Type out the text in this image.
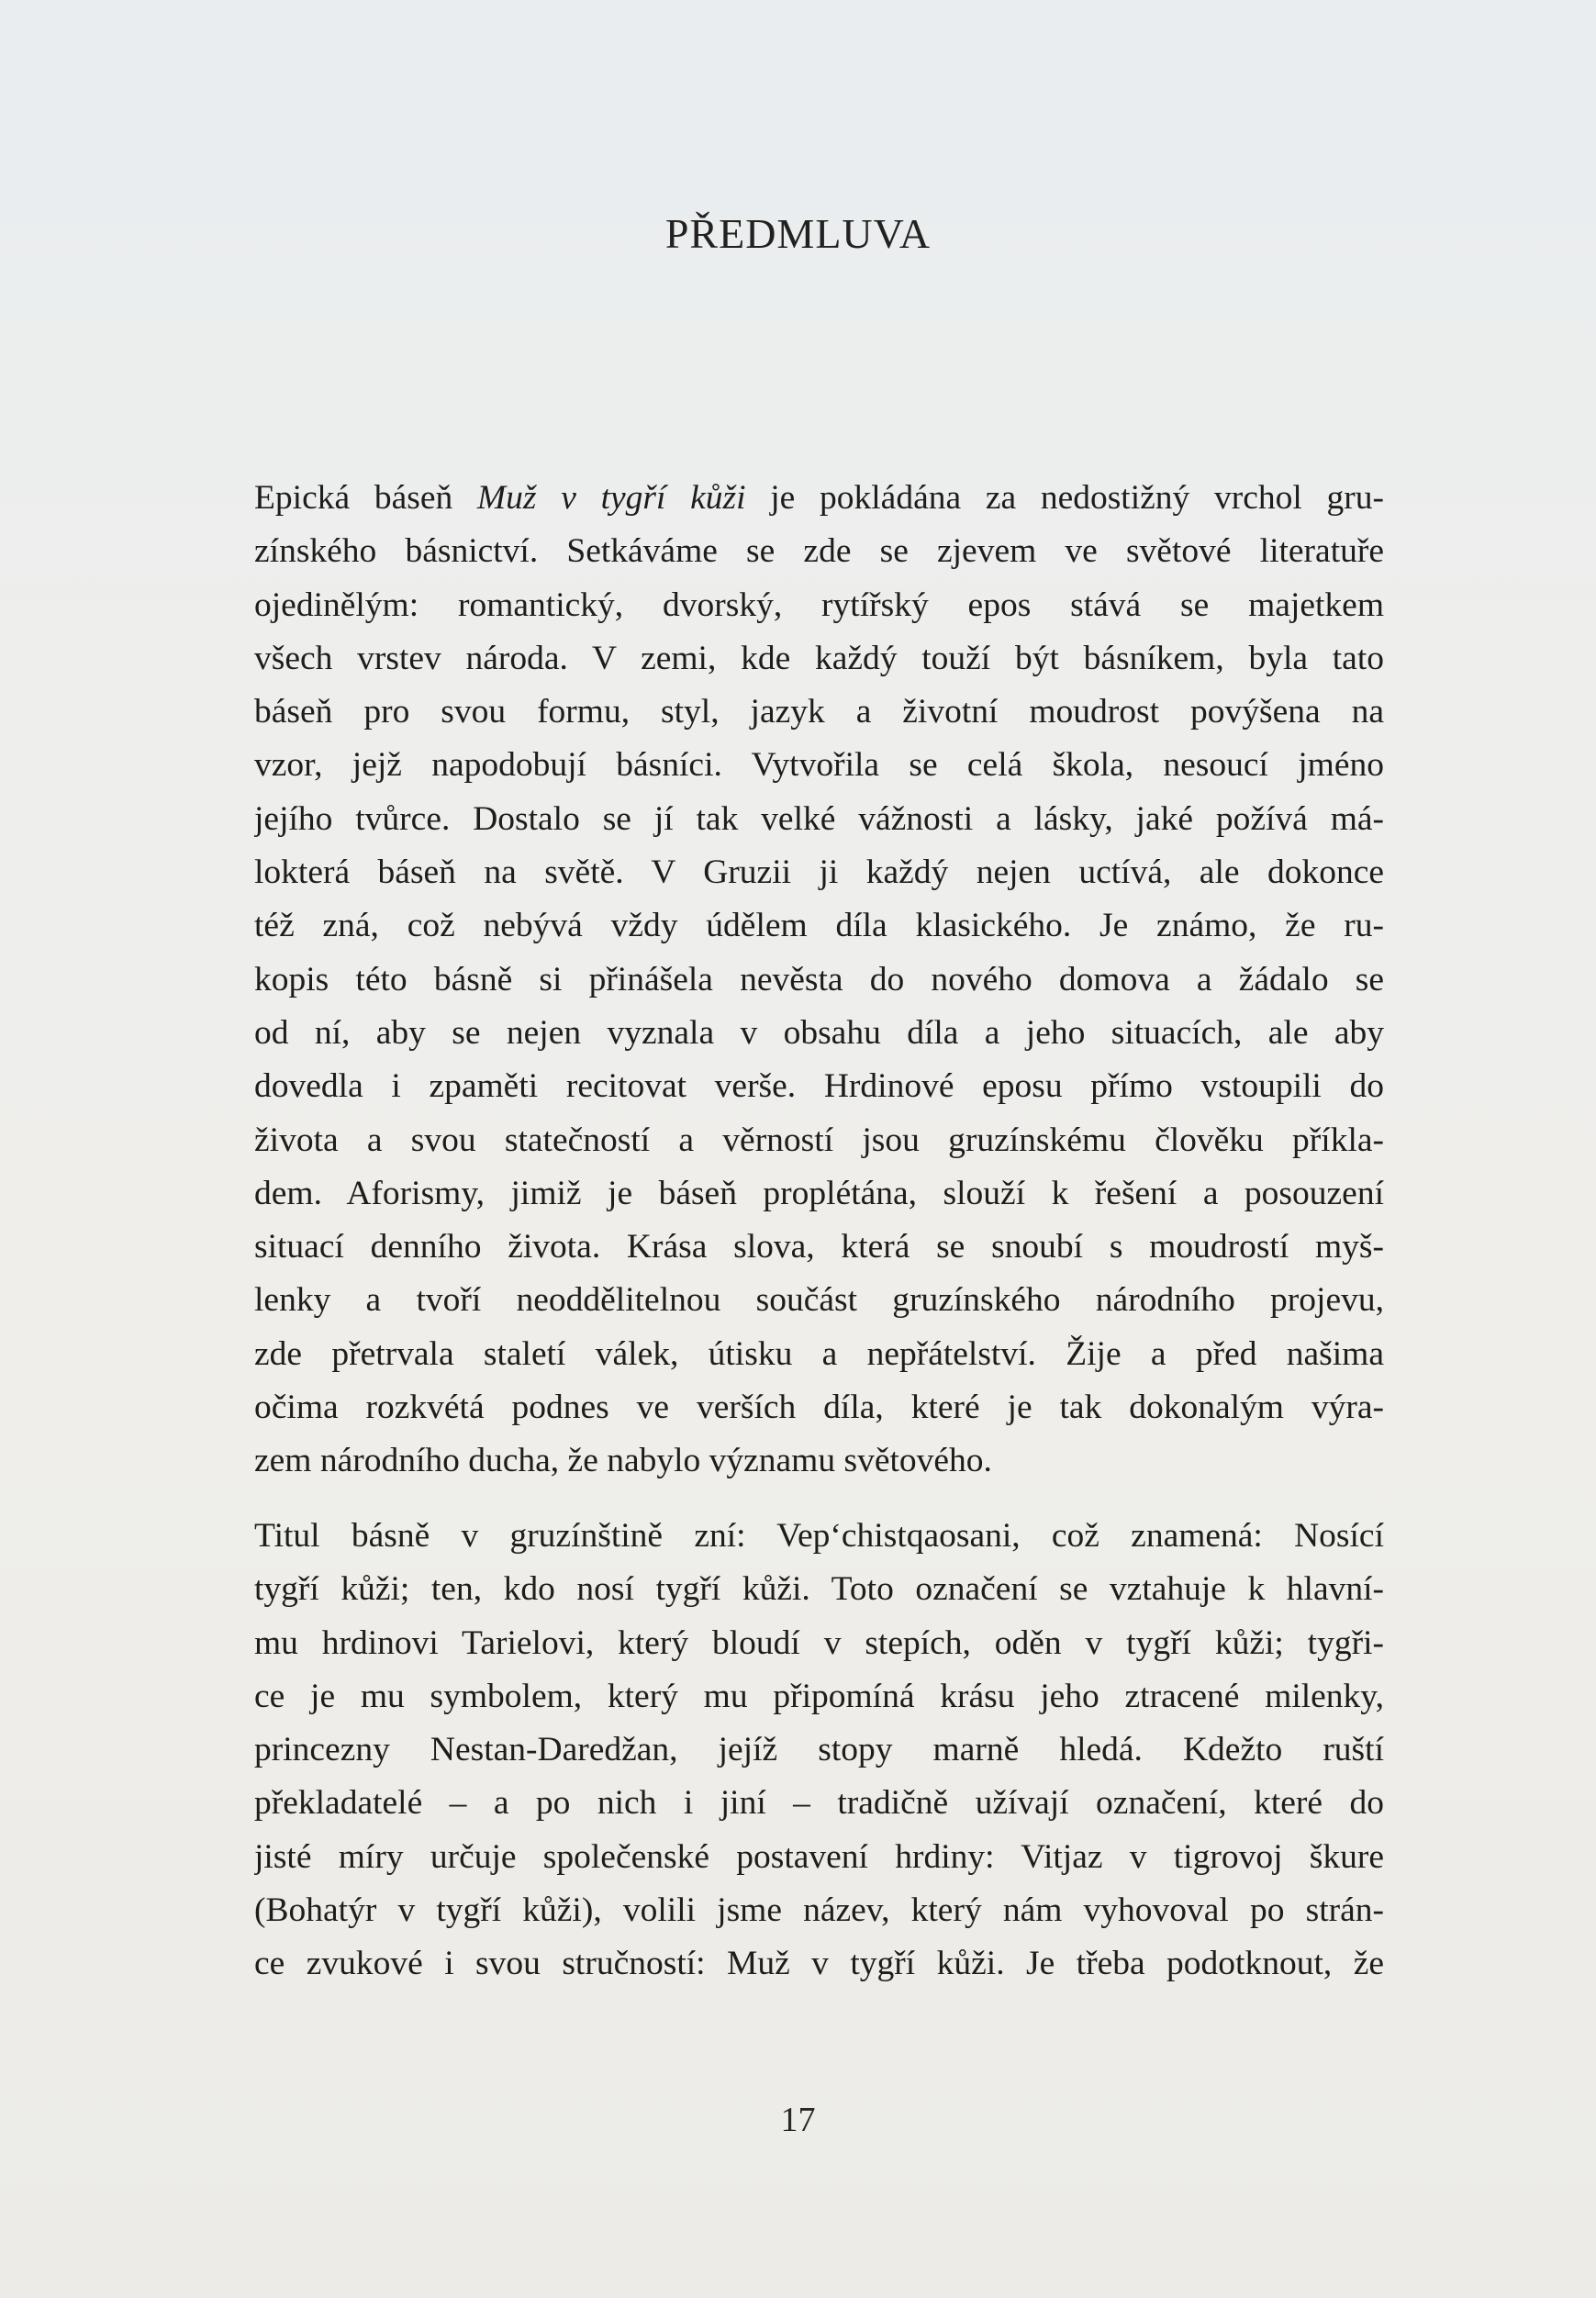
PŘEDMLUVA
Epická báseň Muž v tygří kůži je pokládána za nedostižný vrchol gru-
zínského básnictví. Setkáváme se zde se zjevem ve světové literatuře
ojedinělým: romantický, dvorský, rytířský epos stává se majetkem
všech vrstev národa. V zemi, kde každý touží být básníkem, byla tato
báseň pro svou formu, styl, jazyk a životní moudrost povýšena na
vzor, jejž napodobují básníci. Vytvořila se celá škola, nesoucí jméno
jejího tvůrce. Dostalo se jí tak velké vážnosti a lásky, jaké požívá má-
lokterá báseň na světě. V Gruzii ji každý nejen uctívá, ale dokonce
též zná, což nebývá vždy údělem díla klasického. Je známo, že ru-
kopis této básně si přinášela nevěsta do nového domova a žádalo se
od ní, aby se nejen vyznala v obsahu díla a jeho situacích, ale aby
dovedla i zpaměti recitovat verše. Hrdinové eposu přímo vstoupili do
života a svou statečností a věrností jsou gruzínskému člověku příkla-
dem. Aforismy, jimiž je báseň proplétána, slouží k řešení a posouzení
situací denního života. Krása slova, která se snoubí s moudrostí myš-
lenky a tvoří neoddělitelnou součást gruzínského národního projevu,
zde přetrvala staletí válek, útisku a nepřátelství. Žije a před našima
očima rozkvétá podnes ve verších díla, které je tak dokonalým výra-
zem národního ducha, že nabylo významu světového.
Titul básně v gruzínštině zní: Vepʻchistqaosani, což znamená: Nosící
tygří kůži; ten, kdo nosí tygří kůži. Toto označení se vztahuje k hlavní-
mu hrdinovi Tarielovi, který bloudí v stepích, oděn v tygří kůži; tygři-
ce je mu symbolem, který mu připomíná krásu jeho ztracené milenky,
princezny Nestan-Daredžan, jejíž stopy marně hledá. Kdežto ruští
překladatelé – a po nich i jiní – tradičně užívají označení, které do
jisté míry určuje společenské postavení hrdiny: Vitjaz v tigrovoj škure
(Bohatýr v tygří kůži), volili jsme název, který nám vyhovoval po strán-
ce zvukové i svou stručností: Muž v tygří kůži. Je třeba podotknout, že
17
